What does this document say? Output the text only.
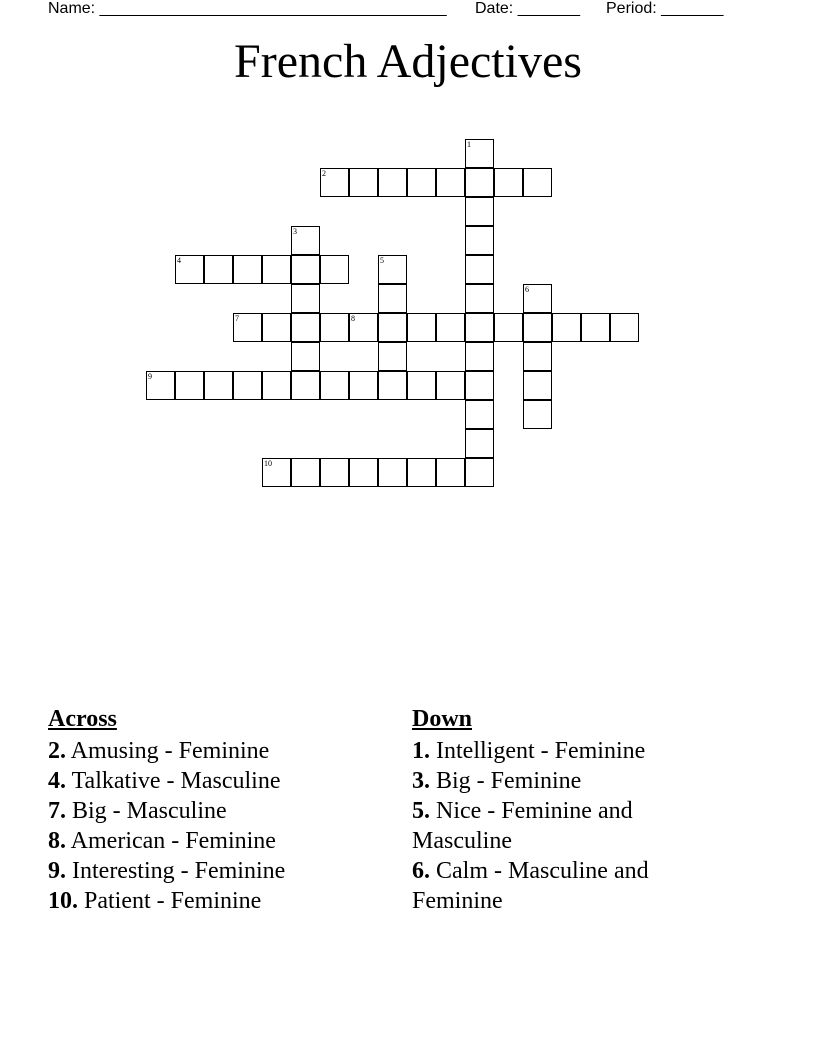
Name: _______________________________________ Date: _______ Period: _______
French Adjectives
1
2
3
4	5
6
7	8
9
10
Across

2. Amusing - Feminine

4. Talkative - Masculine

7. Big - Masculine

8. American - Feminine

9. Interesting - Feminine

10. Patient - Feminine

Down

1. Intelligent - Feminine

3. Big - Feminine

5. Nice - Feminine and Masculine

6. Calm - Masculine and Feminine
